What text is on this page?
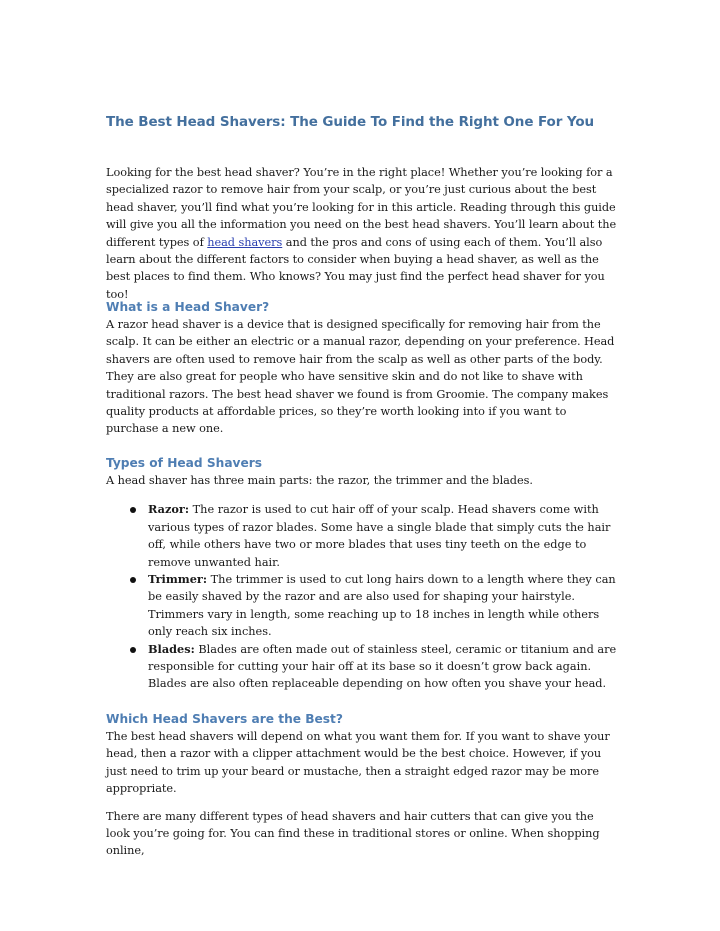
The Best Head Shavers: The Guide To Find the Right One For You

Looking for the best head shaver? You’re in the right place! Whether you’re looking for a specialized razor to remove hair from your scalp, or you’re just curious about the best head shaver, you’ll find what you’re looking for in this article. Reading through this guide will give you all the information you need on the best head shavers. You’ll learn about the different types of head shavers and the pros and cons of using each of them. You’ll also learn about the different factors to consider when buying a head shaver, as well as the best places to find them. Who knows? You may just find the perfect head shaver for you too!

What is a Head Shaver?

A razor head shaver is a device that is designed specifically for removing hair from the scalp. It can be either an electric or a manual razor, depending on your preference. Head shavers are often used to remove hair from the scalp as well as other parts of the body. They are also great for people who have sensitive skin and do not like to shave with traditional razors. The best head shaver we found is from Groomie. The company makes quality products at affordable prices, so they’re worth looking into if you want to purchase a new one.

Types of Head Shavers

A head shaver has three main parts: the razor, the trimmer and the blades.

Razor: The razor is used to cut hair off of your scalp. Head shavers come with various types of razor blades. Some have a single blade that simply cuts the hair off, while others have two or more blades that uses tiny teeth on the edge to remove unwanted hair.
Trimmer: The trimmer is used to cut long hairs down to a length where they can be easily shaved by the razor and are also used for shaping your hairstyle. Trimmers vary in length, some reaching up to 18 inches in length while others only reach six inches.
Blades: Blades are often made out of stainless steel, ceramic or titanium and are responsible for cutting your hair off at its base so it doesn’t grow back again. Blades are also often replaceable depending on how often you shave your head.
Which Head Shavers are the Best?

The best head shavers will depend on what you want them for. If you want to shave your head, then a razor with a clipper attachment would be the best choice. However, if you just need to trim up your beard or mustache, then a straight edged razor may be more appropriate.

There are many different types of head shavers and hair cutters that can give you the look you’re going for. You can find these in traditional stores or online. When shopping online,
